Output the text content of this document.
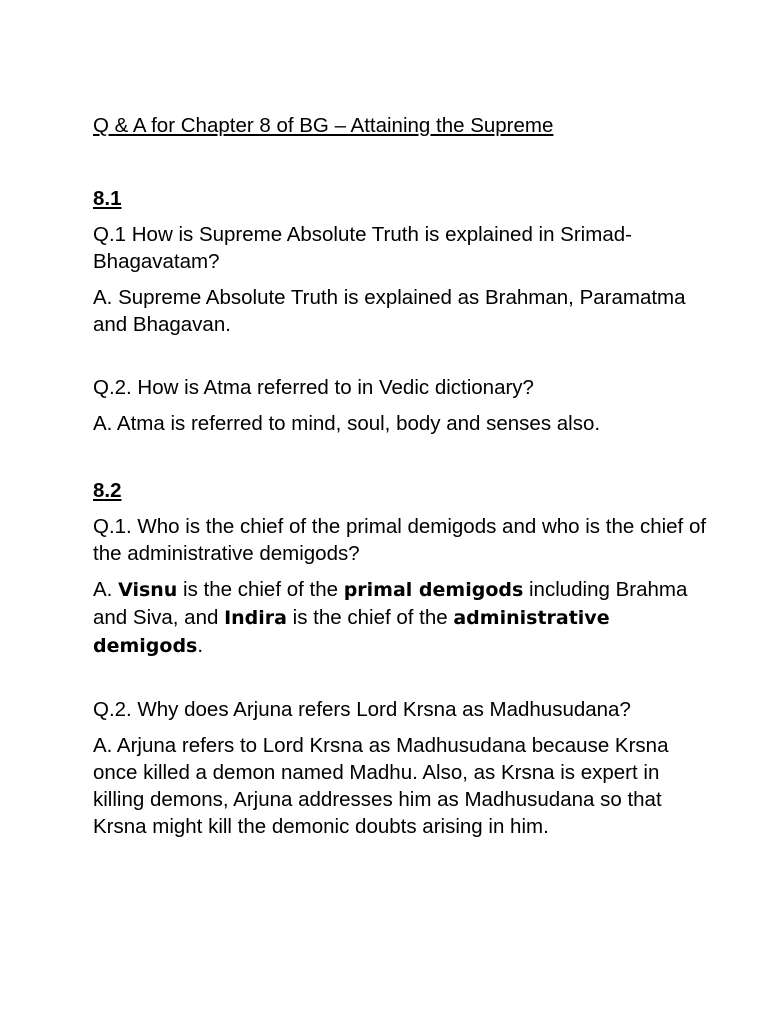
Q & A for Chapter 8 of BG – Attaining the Supreme
8.1

Q.1 How is Supreme Absolute Truth is explained in Srimad-Bhagavatam?

A. Supreme Absolute Truth is explained as Brahman, Paramatma and Bhagavan.

Q.2. How is Atma referred to in Vedic dictionary?

A. Atma is referred to mind, soul, body and senses also.

8.2

Q.1. Who is the chief of the primal demigods and who is the chief of the administrative demigods?

A. Visnu is the chief of the primal demigods including Brahma and Siva, and Indira is the chief of the administrative demigods.

Q.2. Why does Arjuna refers Lord Krsna as Madhusudana?

A. Arjuna refers to Lord Krsna as Madhusudana because Krsna once killed a demon named Madhu. Also, as Krsna is expert in killing demons, Arjuna addresses him as Madhusudana so that Krsna might kill the demonic doubts arising in him.
